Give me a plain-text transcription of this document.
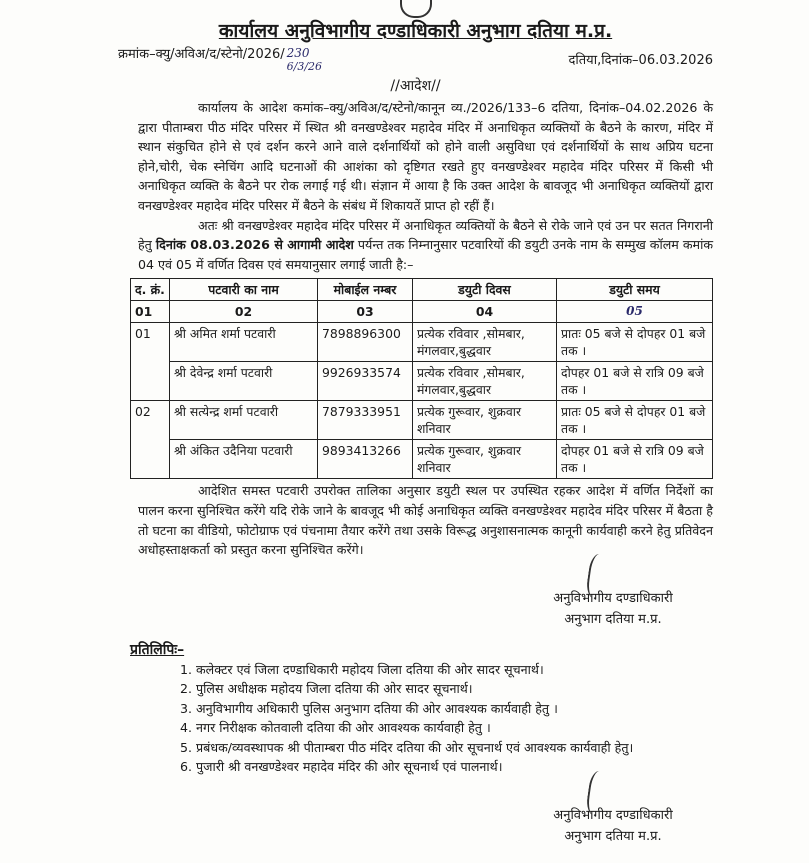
कार्यालय अनुविभागीय दण्डाधिकारी अनुभाग दतिया म.प्र.
क्रमांक–क्यु/अविअ/द/स्टेनो/2026/ 230
6/3/26	दतिया,दिनांक–06.03.2026
//आदेश//

कार्यालय के आदेश कमांक–क्यु/अविअ/द/स्टेनो/कानून व्य./2026/133–6 दतिया, दिनांक–04.02.2026 के द्वारा पीताम्बरा पीठ मंदिर परिसर में स्थित श्री वनखण्डेश्वर महादेव मंदिर में अनाधिकृत व्यक्तियों के बैठने के कारण, मंदिर में स्थान संकुचित होने से एवं दर्शन करने आने वाले दर्शनार्थियों को होने वाली असुविधा एवं दर्शनार्थियों के साथ अप्रिय घटना होने,चोरी, चेक स्नेचिंग आदि घटनाओं की आशंका को दृष्टिगत रखते हुए वनखण्डेश्वर महादेव मंदिर परिसर में किसी भी अनाधिकृत व्यक्ति के बैठने पर रोक लगाई गई थी। संज्ञान में आया है कि उक्त आदेश के बावजूद भी अनाधिकृत व्यक्तियों द्वारा वनखण्डेश्वर महादेव मंदिर परिसर में बैठने के संबंध में शिकायतें प्राप्त हो रहीं हैं।

अतः श्री वनखण्डेश्वर महादेव मंदिर परिसर में अनाधिकृत व्यक्तियों के बैठने से रोके जाने एवं उन पर सतत निगरानी हेतु दिनांक 08.03.2026 से आगामी आदेश पर्यन्त तक निम्नानुसार पटवारियों की डयुटी उनके नाम के सम्मुख कॉलम कमांक 04 एवं 05 में वर्णित दिवस एवं समयानुसार लगाई जाती है:–

द. क्रं.	पटवारी का नाम	मोबाईल नम्बर	डयुटी दिवस	डयुटी समय
01	02	03	04	05
01	श्री अमित शर्मा पटवारी	7898896300	प्रत्येक रविवार ,सोमबार, मंगलवार,बुद्धवार	प्रातः 05 बजे से दोपहर 01 बजे तक ।
	श्री देवेन्द्र शर्मा पटवारी	9926933574	प्रत्येक रविवार ,सोमबार, मंगलवार,बुद्धवार	दोपहर 01 बजे से रात्रि 09 बजे तक ।
02	श्री सत्येन्द्र शर्मा पटवारी	7879333951	प्रत्येक गुरूवार, शुक्रवार शनिवार	प्रातः 05 बजे से दोपहर 01 बजे तक ।
	श्री अंकित उदैनिया पटवारी	9893413266	प्रत्येक गुरूवार, शुक्रवार शनिवार	दोपहर 01 बजे से रात्रि 09 बजे तक ।

आदेशित समस्त पटवारी उपरोक्त तालिका अनुसार डयुटी स्थल पर उपस्थित रहकर आदेश में वर्णित निर्देशों का पालन करना सुनिश्चित करेंगे यदि रोके जाने के बावजूद भी कोई अनाधिकृत व्यक्ति वनखण्डेश्वर महादेव मंदिर परिसर में बैठता है तो घटना का वीडियो, फोटोग्राफ एवं पंचनामा तैयार करेंगे तथा उसके विरूद्ध अनुशासनात्मक कानूनी कार्यवाही करने हेतु प्रतिवेदन अधोहस्ताक्षकर्ता को प्रस्तुत करना सुनिश्चित करेंगे।

अनुविभागीय दण्डाधिकारी
अनुभाग दतिया म.प्र.
प्रतिलिपिः–
1. कलेक्टर एवं जिला दण्डाधिकारी महोदय जिला दतिया की ओर सादर सूचनार्थ।
2. पुलिस अधीक्षक महोदय जिला दतिया की ओर सादर सूचनार्थ।
3. अनुविभागीय अधिकारी पुलिस अनुभाग दतिया की ओर आवश्यक कार्यवाही हेतु ।
4. नगर निरीक्षक कोतवाली दतिया की ओर आवश्यक कार्यवाही हेतु ।
5. प्रबंधक/व्यवस्थापक श्री पीताम्बरा पीठ मंदिर दतिया की ओर सूचनार्थ एवं आवश्यक कार्यवाही हेतु।
6. पुजारी श्री वनखण्डेश्वर महादेव मंदिर की ओर सूचनार्थ एवं पालनार्थ।
अनुविभागीय दण्डाधिकारी
अनुभाग दतिया म.प्र.
